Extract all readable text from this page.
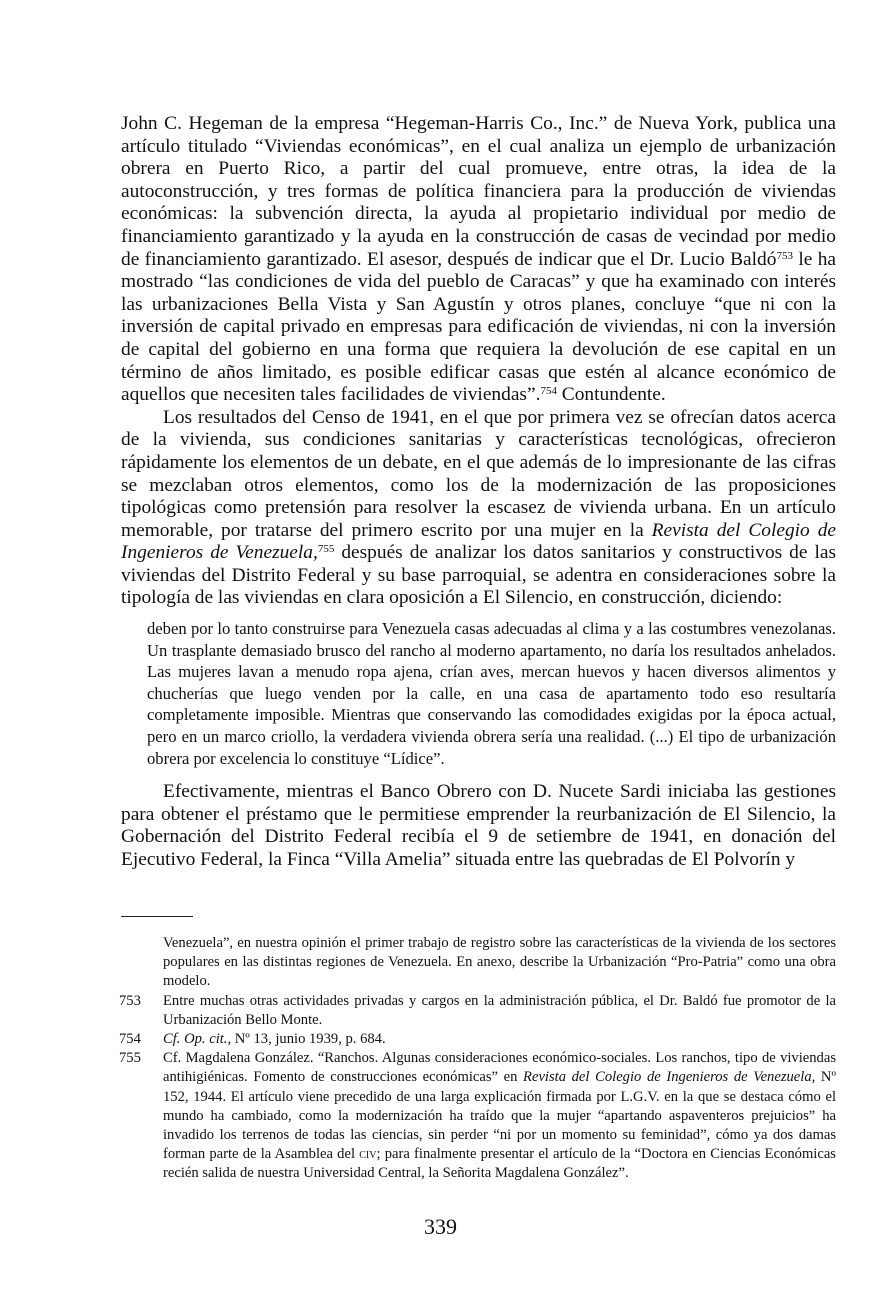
John C. Hegeman de la empresa “Hegeman-Harris Co., Inc.” de Nueva York, publica una artículo titulado “Viviendas económicas”, en el cual analiza un ejemplo de urbanización obrera en Puerto Rico, a partir del cual promueve, entre otras, la idea de la autoconstrucción, y tres formas de política financiera para la producción de viviendas económicas: la subvención directa, la ayuda al propietario individual por medio de financiamiento garantizado y la ayuda en la construcción de casas de vecindad por medio de financiamiento garantizado. El asesor, después de indicar que el Dr. Lucio Baldó$^{753}$ le ha mostrado “las condiciones de vida del pueblo de Caracas” y que ha examinado con interés las urbanizaciones Bella Vista y San Agustín y otros planes, concluye “que ni con la inversión de capital privado en empresas para edificación de viviendas, ni con la inversión de capital del gobierno en una forma que requiera la devolución de ese capital en un término de años limitado, es posible edificar casas que estén al alcance económico de aquellos que necesiten tales facilidades de viviendas”.$^{754}$ Contundente.

Los resultados del Censo de 1941, en el que por primera vez se ofrecían datos acerca de la vivienda, sus condiciones sanitarias y características tecnológicas, ofrecieron rápidamente los elementos de un debate, en el que además de lo impresionante de las cifras se mezclaban otros elementos, como los de la modernización de las proposiciones tipológicas como pretensión para resolver la escasez de vivienda urbana. En un artículo memorable, por tratarse del primero escrito por una mujer en la Revista del Colegio de Ingenieros de Venezuela,$^{755}$ después de analizar los datos sanitarios y constructivos de las viviendas del Distrito Federal y su base parroquial, se adentra en consideraciones sobre la tipología de las viviendas en clara oposición a El Silencio, en construcción, diciendo:

deben por lo tanto construirse para Venezuela casas adecuadas al clima y a las costumbres venezolanas. Un trasplante demasiado brusco del rancho al moderno apartamento, no daría los resultados anhelados. Las mujeres lavan a menudo ropa ajena, crían aves, mercan huevos y hacen diversos alimentos y chucherías que luego venden por la calle, en una casa de apartamento todo eso resultaría completamente imposible. Mientras que conservando las comodidades exigidas por la época actual, pero en un marco criollo, la verdadera vivienda obrera sería una realidad. (...) El tipo de urbanización obrera por excelencia lo constituye “Lídice”.

Efectivamente, mientras el Banco Obrero con D. Nucete Sardi iniciaba las gestiones para obtener el préstamo que le permitiese emprender la reurbanización de El Silencio, la Gobernación del Distrito Federal recibía el 9 de setiembre de 1941, en donación del Ejecutivo Federal, la Finca “Villa Amelia” situada entre las quebradas de El Polvorín y

Venezuela”, en nuestra opinión el primer trabajo de registro sobre las características de la vivienda de los sectores populares en las distintas regiones de Venezuela. En anexo, describe la Urbanización “Pro-Patria” como una obra modelo.
753	Entre muchas otras actividades privadas y cargos en la administración pública, el Dr. Baldó fue promotor de la Urbanización Bello Monte.
754	Cf. Op. cit., Nº 13, junio 1939, p. 684.
755	Cf. Magdalena González. “Ranchos. Algunas consideraciones económico-sociales. Los ranchos, tipo de viviendas antihigiénicas. Fomento de construcciones económicas” en Revista del Colegio de Ingenieros de Venezuela, Nº 152, 1944. El artículo viene precedido de una larga explicación firmada por L.G.V. en la que se destaca cómo el mundo ha cambiado, como la modernización ha traído que la mujer “apartando aspaventeros prejuicios” ha invadido los terrenos de todas las ciencias, sin perder “ni por un momento su feminidad”, cómo ya dos damas forman parte de la Asamblea del civ; para finalmente presentar el artículo de la “Doctora en Ciencias Económicas recién salida de nuestra Universidad Central, la Señorita Magdalena González”.
339
